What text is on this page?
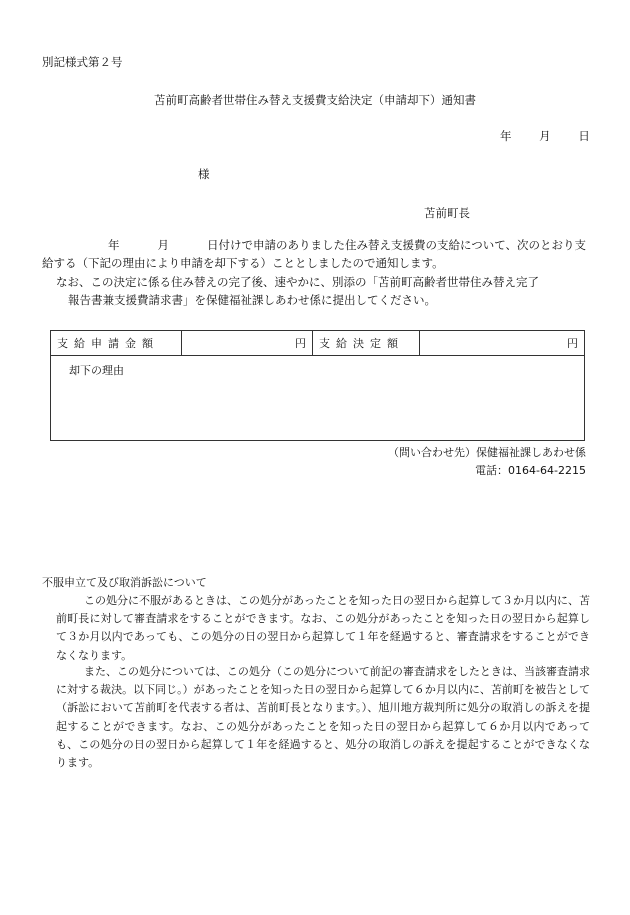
別記様式第２号
苫前町高齢者世帯住み替え支援費支給決定（申請却下）通知書
年 月 日
様
苫前町長
年	月	日付けで申請のありました住み替え支援費の支給について、次のとおり支給する（下記の理由により申請を却下する）こととしましたので通知します。
なお、この決定に係る住み替えの完了後、速やかに、別添の「苫前町高齢者世帯住み替え完了
報告書兼支援費請求書」を保健福祉課しあわせ係に提出してください。
支給申請金額	円	支給決定額	円
却下の理由
（問い合わせ先）保健福祉課しあわせ係
電話：0164-64-2215
不服申立て及び取消訴訟について
この処分に不服があるときは、この処分があったことを知った日の翌日から起算して３か月以内に、苫前町長に対して審査請求をすることができます。なお、この処分があったことを知った日の翌日から起算して３か月以内であっても、この処分の日の翌日から起算して１年を経過すると、審査請求をすることができなくなります。
また、この処分については、この処分（この処分について前記の審査請求をしたときは、当該審査請求に対する裁決。以下同じ。）があったことを知った日の翌日から起算して６か月以内に、苫前町を被告として（訴訟において苫前町を代表する者は、苫前町長となります。）、旭川地方裁判所に処分の取消しの訴えを提起することができます。なお、この処分があったことを知った日の翌日から起算して６か月以内であっても、この処分の日の翌日から起算して１年を経過すると、処分の取消しの訴えを提起することができなくなります。
